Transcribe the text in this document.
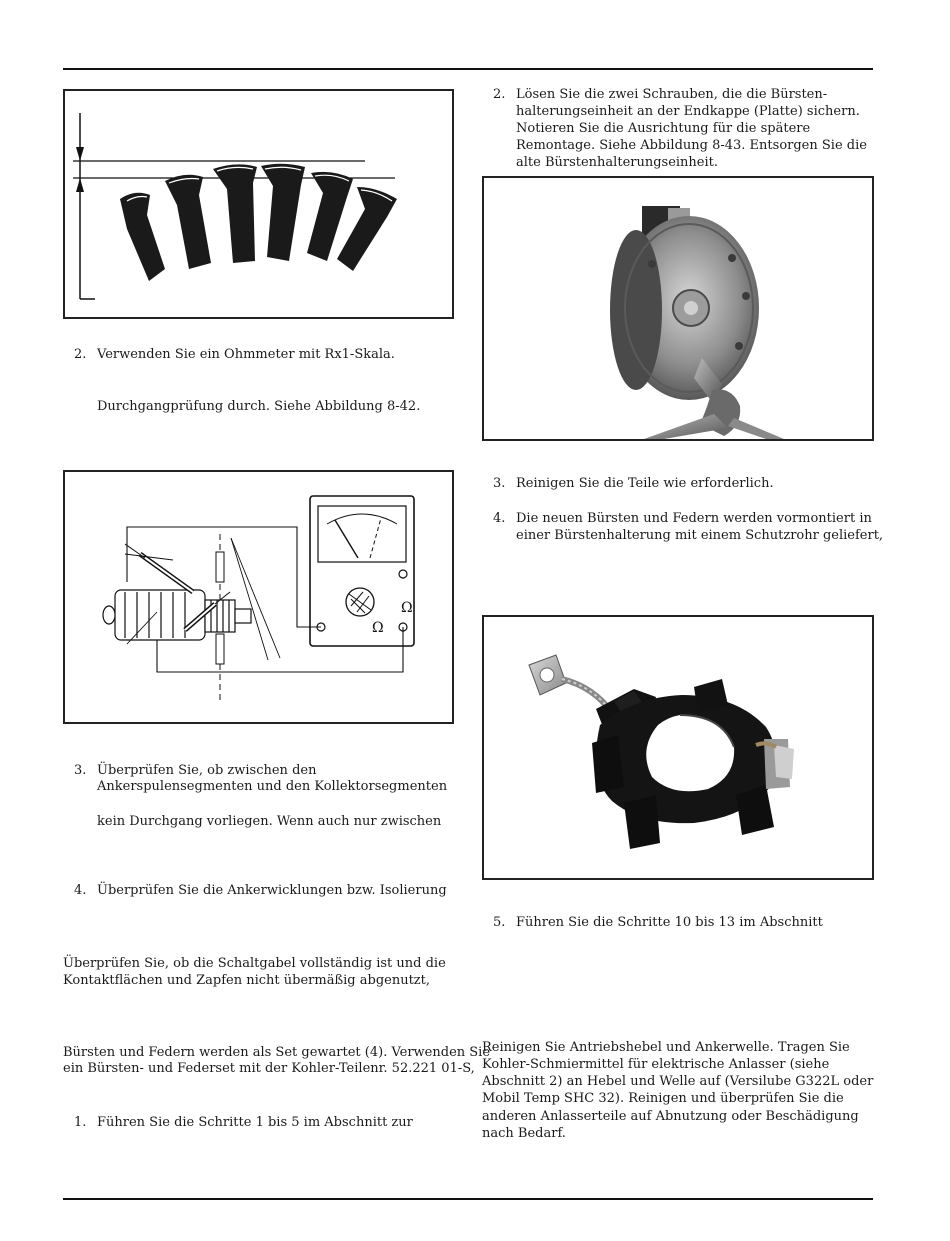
2. Verwenden Sie ein Ohmmeter mit Rx1-Skala.
Durchgangprüfung durch. Siehe Abbildung 8-42.
Ω
Ω
3. Überprüfen Sie, ob zwischen den
Ankerspulensegmenten und den Kollektorsegmenten
kein Durchgang vorliegen. Wenn auch nur zwischen
4. Überprüfen Sie die Ankerwicklungen bzw. Isolierung
Überprüfen Sie, ob die Schaltgabel vollständig ist und die
Kontaktflächen und Zapfen nicht übermäßig abgenutzt,
Bürsten und Federn werden als Set gewartet (4). Verwenden Sie
ein Bürsten- und Federset mit der Kohler-Teilenr. 52.221 01-S,
1. Führen Sie die Schritte 1 bis 5 im Abschnitt zur
2. Lösen Sie die zwei Schrauben, die die Bürsten-
halterungseinheit an der Endkappe (Platte) sichern.
Notieren Sie die Ausrichtung für die spätere
Remontage. Siehe Abbildung 8-43. Entsorgen Sie die
alte Bürstenhalterungseinheit.
3. Reinigen Sie die Teile wie erforderlich.
4. Die neuen Bürsten und Federn werden vormontiert in
einer Bürstenhalterung mit einem Schutzrohr geliefert,
5. Führen Sie die Schritte 10 bis 13 im Abschnitt
Reinigen Sie Antriebshebel und Ankerwelle. Tragen Sie
Kohler-Schmiermittel für elektrische Anlasser (siehe
Abschnitt 2) an Hebel und Welle auf (Versilube G322L oder
Mobil Temp SHC 32). Reinigen und überprüfen Sie die
anderen Anlasserteile auf Abnutzung oder Beschädigung
nach Bedarf.
